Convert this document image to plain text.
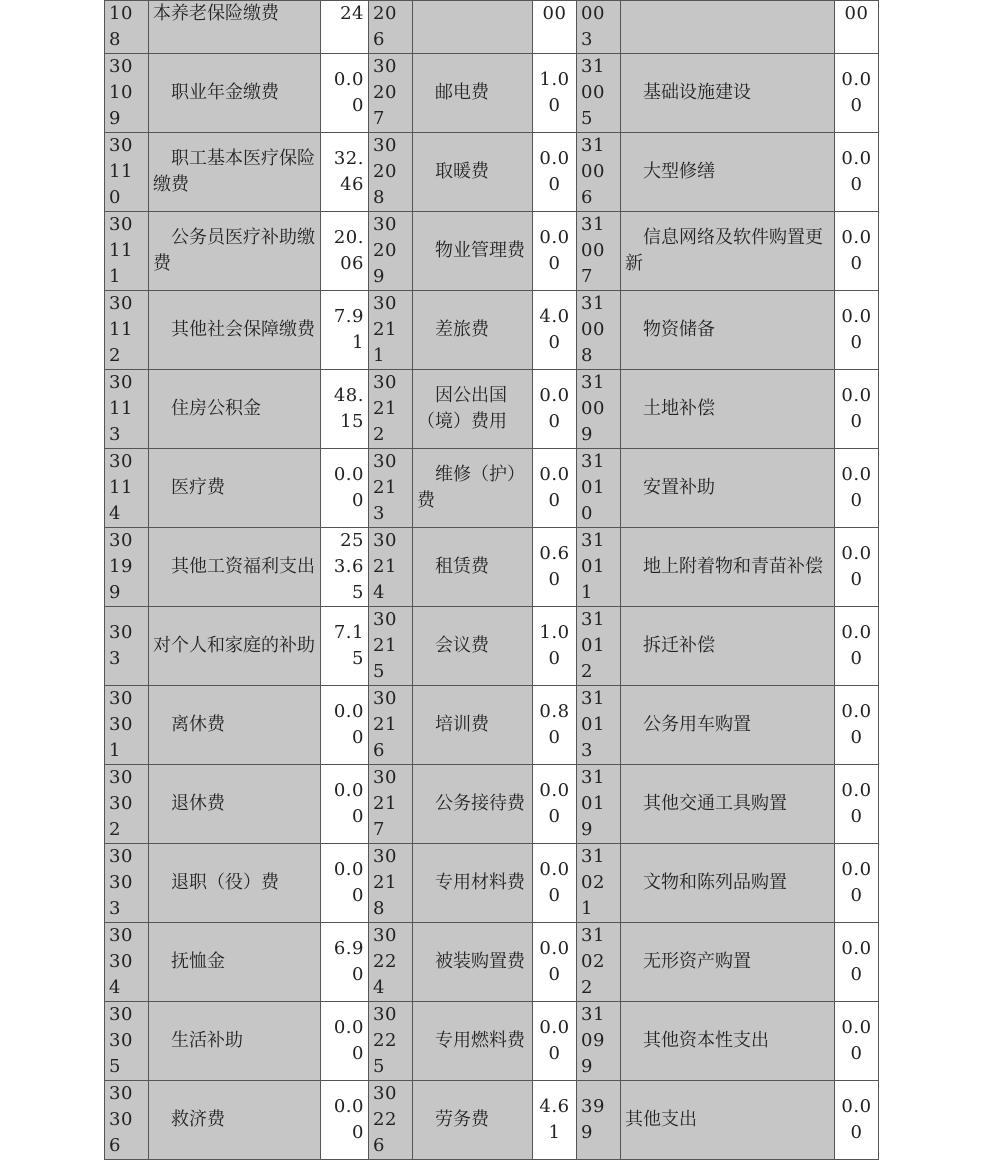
108	本养老保险缴费	24	206		00	003		00
30109	职业年金缴费	0.00	30207	邮电费	1.00	31005	基础设施建设	0.00
30110	职工基本医疗保险缴费	32.46	30208	取暖费	0.00	31006	大型修缮	0.00
30111	公务员医疗补助缴费	20.06	30209	物业管理费	0.00	31007	信息网络及软件购置更新	0.00
30112	其他社会保障缴费	7.91	30211	差旅费	4.00	31008	物资储备	0.00
30113	住房公积金	48.15	30212	因公出国（境）费用	0.00	31009	土地补偿	0.00
30114	医疗费	0.00	30213	维修（护）费	0.00	31010	安置补助	0.00
30199	其他工资福利支出	253.65	30214	租赁费	0.60	31011	地上附着物和青苗补偿	0.00
303	对个人和家庭的补助	7.15	30215	会议费	1.00	31012	拆迁补偿	0.00
30301	离休费	0.00	30216	培训费	0.80	31013	公务用车购置	0.00
30302	退休费	0.00	30217	公务接待费	0.00	31019	其他交通工具购置	0.00
30303	退职（役）费	0.00	30218	专用材料费	0.00	31021	文物和陈列品购置	0.00
30304	抚恤金	6.90	30224	被装购置费	0.00	31022	无形资产购置	0.00
30305	生活补助	0.00	30225	专用燃料费	0.00	31099	其他资本性支出	0.00
30306	救济费	0.00	30226	劳务费	4.61	399	其他支出	0.00
